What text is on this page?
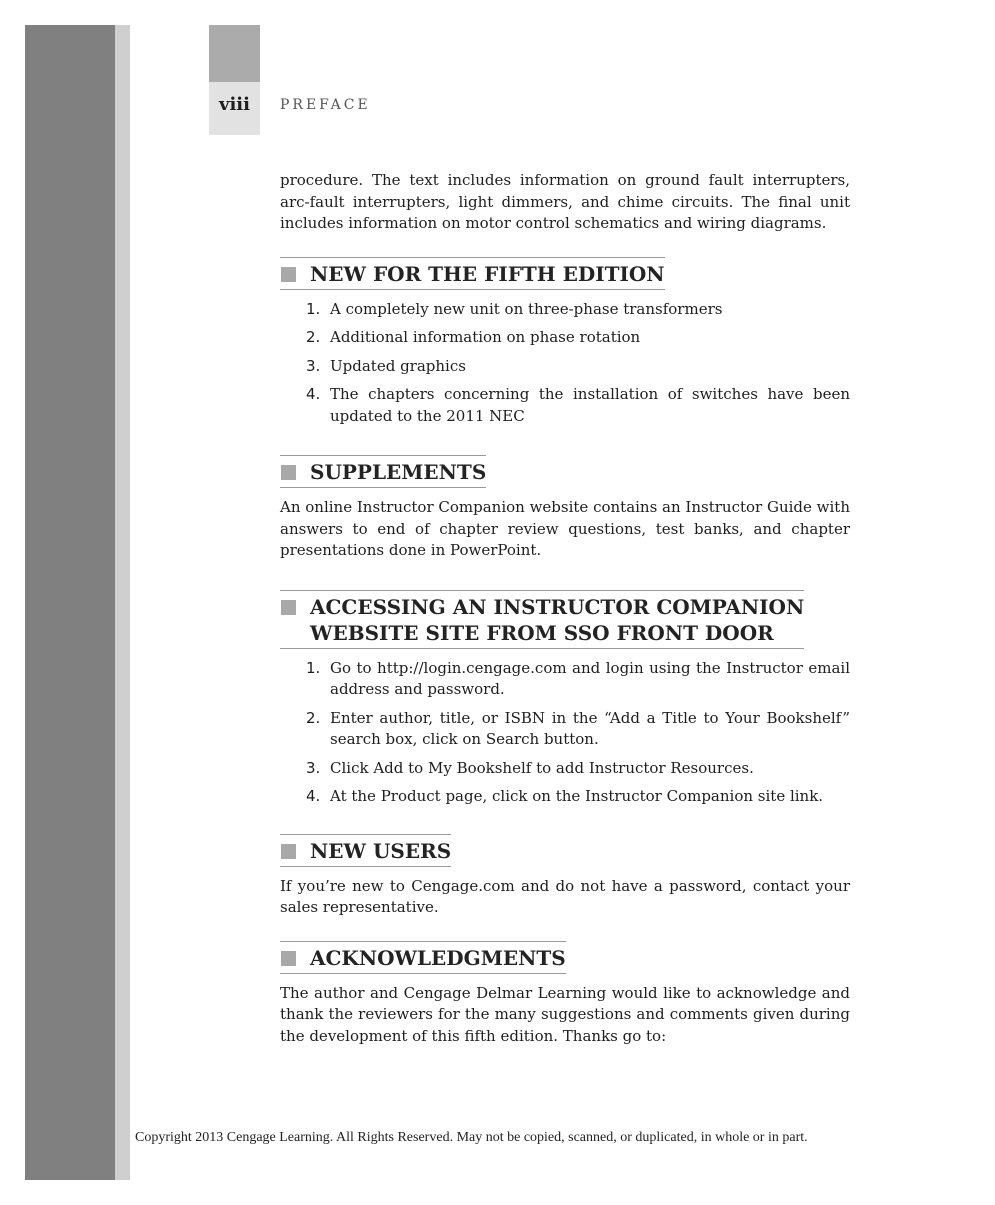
viii	PREFACE

procedure. The text includes information on ground fault interrupters, arc-fault interrupters, light dimmers, and chime circuits. The final unit includes information on motor control schematics and wiring diagrams.

NEW FOR THE FIFTH EDITION
1. A completely new unit on three-phase transformers
2. Additional information on phase rotation
3. Updated graphics
4. The chapters concerning the installation of switches have been updated to the 2011 NEC
SUPPLEMENTS

An online Instructor Companion website contains an Instructor Guide with answers to end of chapter review questions, test banks, and chapter presentations done in PowerPoint.

ACCESSING AN INSTRUCTOR COMPANION
WEBSITE SITE FROM SSO FRONT DOOR
1. Go to http://login.cengage.com and login using the Instructor email address and password.
2. Enter author, title, or ISBN in the “Add a Title to Your Bookshelf” search box, click on Search button.
3. Click Add to My Bookshelf to add Instructor Resources.
4. At the Product page, click on the Instructor Companion site link.
NEW USERS

If you’re new to Cengage.com and do not have a password, contact your sales representative.

ACKNOWLEDGMENTS

The author and Cengage Delmar Learning would like to acknowledge and thank the reviewers for the many suggestions and comments given during the development of this fifth edition. Thanks go to:

Copyright 2013 Cengage Learning. All Rights Reserved. May not be copied, scanned, or duplicated, in whole or in part.
